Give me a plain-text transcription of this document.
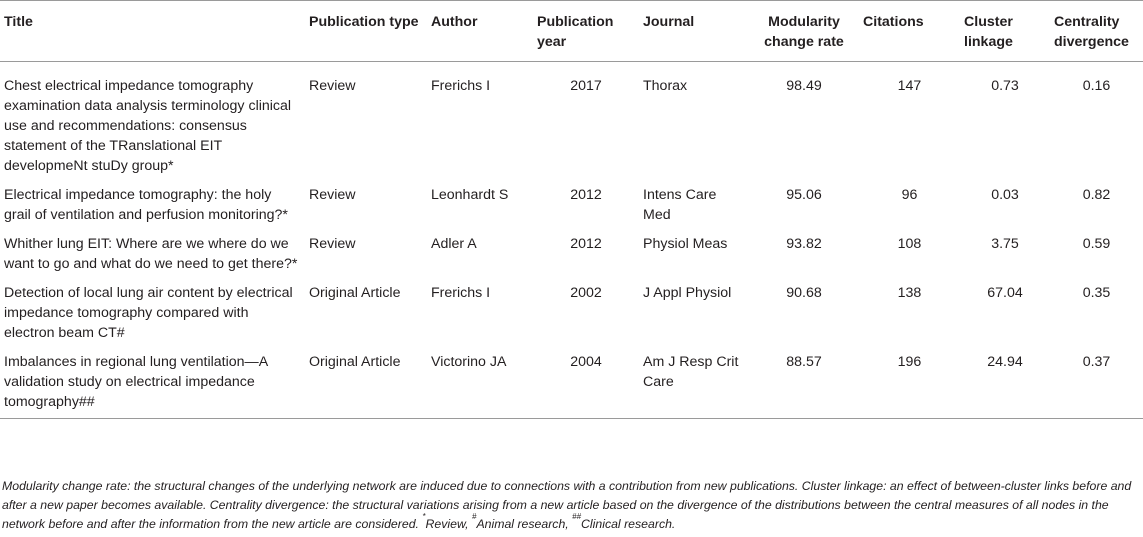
Title	Publication type	Author	Publication year	Journal	Modularity change rate	Citations	Cluster linkage	Centrality divergence
Chest electrical impedance tomography examination data analysis terminology clinical use and recommendations: consensus statement of the TRanslational EIT developmeNt stuDy group*	Review	Frerichs I	2017	Thorax	98.49	147	0.73	0.16
Electrical impedance tomography: the holy grail of ventilation and perfusion monitoring?*	Review	Leonhardt S	2012	Intens Care Med	95.06	96	0.03	0.82
Whither lung EIT: Where are we where do we want to go and what do we need to get there?*	Review	Adler A	2012	Physiol Meas	93.82	108	3.75	0.59
Detection of local lung air content by electrical impedance tomography compared with electron beam CT#	Original Article	Frerichs I	2002	J Appl Physiol	90.68	138	67.04	0.35
Imbalances in regional lung ventilation—A validation study on electrical impedance tomography##	Original Article	Victorino JA	2004	Am J Resp Crit Care	88.57	196	24.94	0.37
Modularity change rate: the structural changes of the underlying network are induced due to connections with a contribution from new publications. Cluster linkage: an effect of between-cluster links before and after a new paper becomes available. Centrality divergence: the structural variations arising from a new article based on the divergence of the distributions between the central measures of all nodes in the network before and after the information from the new article are considered. *Review, #Animal research, ##Clinical research.
